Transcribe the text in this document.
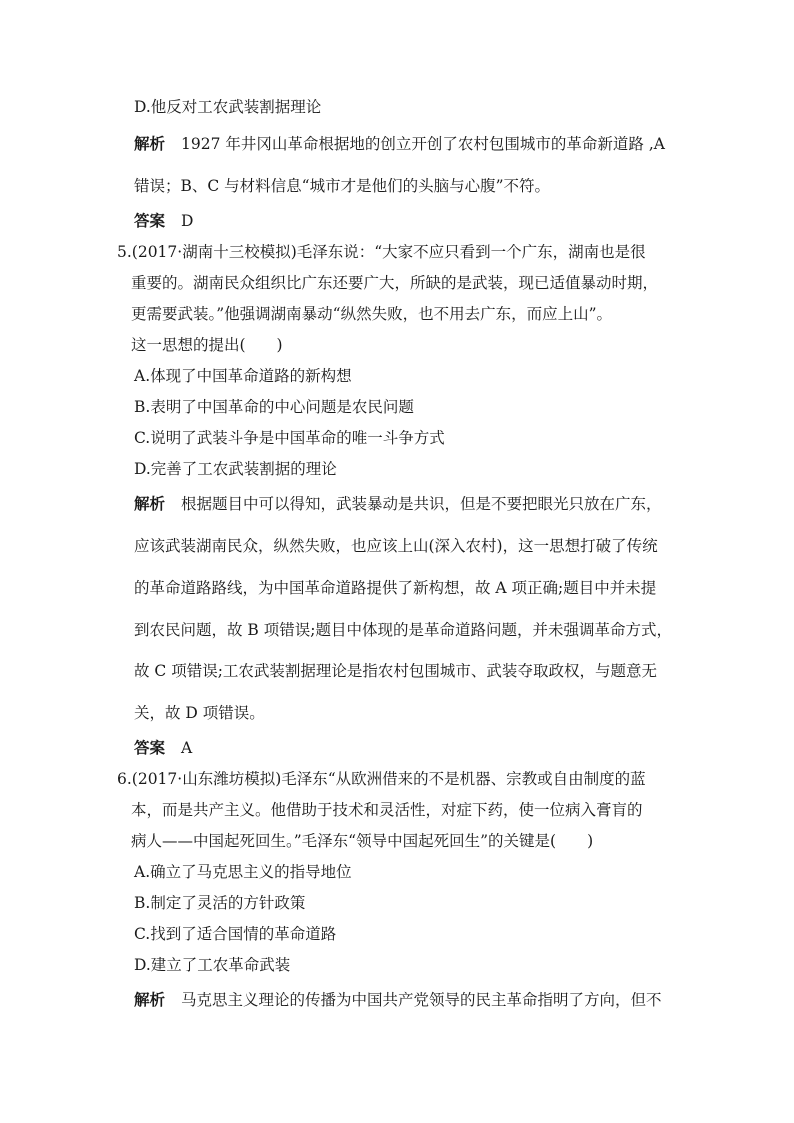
D.他反对工农武装割据理论
解析 1927 年井冈山革命根据地的创立开创了农村包围城市的革命新道路 ,A
错误；B、C 与材料信息“城市才是他们的头脑与心腹”不符。
答案 D
5.(2017·湖南十三校模拟)毛泽东说：“大家不应只看到一个广东，湖南也是很
重要的。湖南民众组织比广东还要广大，所缺的是武装，现已适值暴动时期，
更需要武装。”他强调湖南暴动“纵然失败，也不用去广东，而应上山”。
这一思想的提出(　　)
A.体现了中国革命道路的新构想
B.表明了中国革命的中心问题是农民问题
C.说明了武装斗争是中国革命的唯一斗争方式
D.完善了工农武装割据的理论
解析 根据题目中可以得知，武装暴动是共识，但是不要把眼光只放在广东，
应该武装湖南民众，纵然失败，也应该上山(深入农村)，这一思想打破了传统
的革命道路路线，为中国革命道路提供了新构想，故 A 项正确;题目中并未提
到农民问题，故 B 项错误;题目中体现的是革命道路问题，并未强调革命方式，
故 C 项错误;工农武装割据理论是指农村包围城市、武装夺取政权，与题意无
关，故 D 项错误。
答案 A
6.(2017·山东潍坊模拟)毛泽东“从欧洲借来的不是机器、宗教或自由制度的蓝
本，而是共产主义。他借助于技术和灵活性，对症下药，使一位病入膏肓的
病人——中国起死回生。”毛泽东“领导中国起死回生”的关键是(　　)
A.确立了马克思主义的指导地位
B.制定了灵活的方针政策
C.找到了适合国情的革命道路
D.建立了工农革命武装
解析 马克思主义理论的传播为中国共产党领导的民主革命指明了方向，但不
